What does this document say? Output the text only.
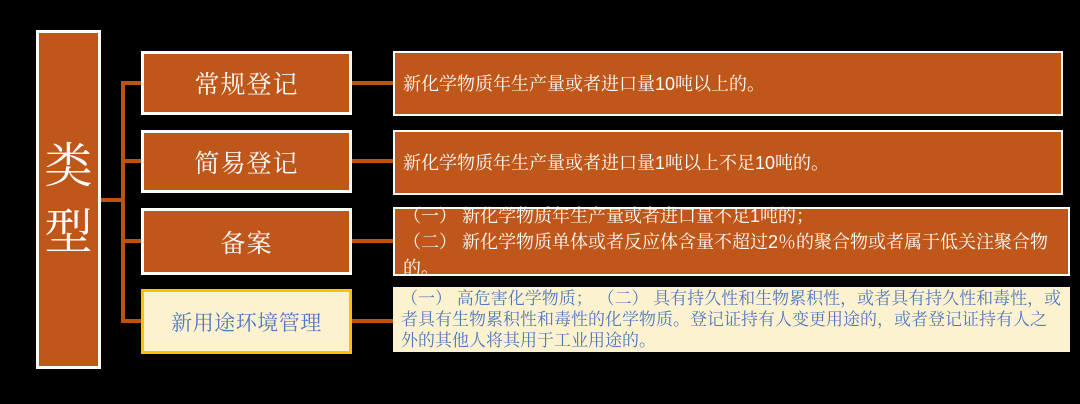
类型
常规登记	新化学物质年生产量或者进口量10吨以上的。
简易登记	新化学物质年生产量或者进口量1吨以上不足10吨的。
备案
（一） 新化学物质年生产量或者进口量不足1吨的；
（二） 新化学物质单体或者反应体含量不超过2％的聚合物或者属于低关注聚合物的。
新用途环境管理
（一） 高危害化学物质； （二） 具有持久性和生物累积性，或者具有持久性和毒性，或
者具有生物累积性和毒性的化学物质。登记证持有人变更用途的，或者登记证持有人之
外的其他人将其用于工业用途的。
